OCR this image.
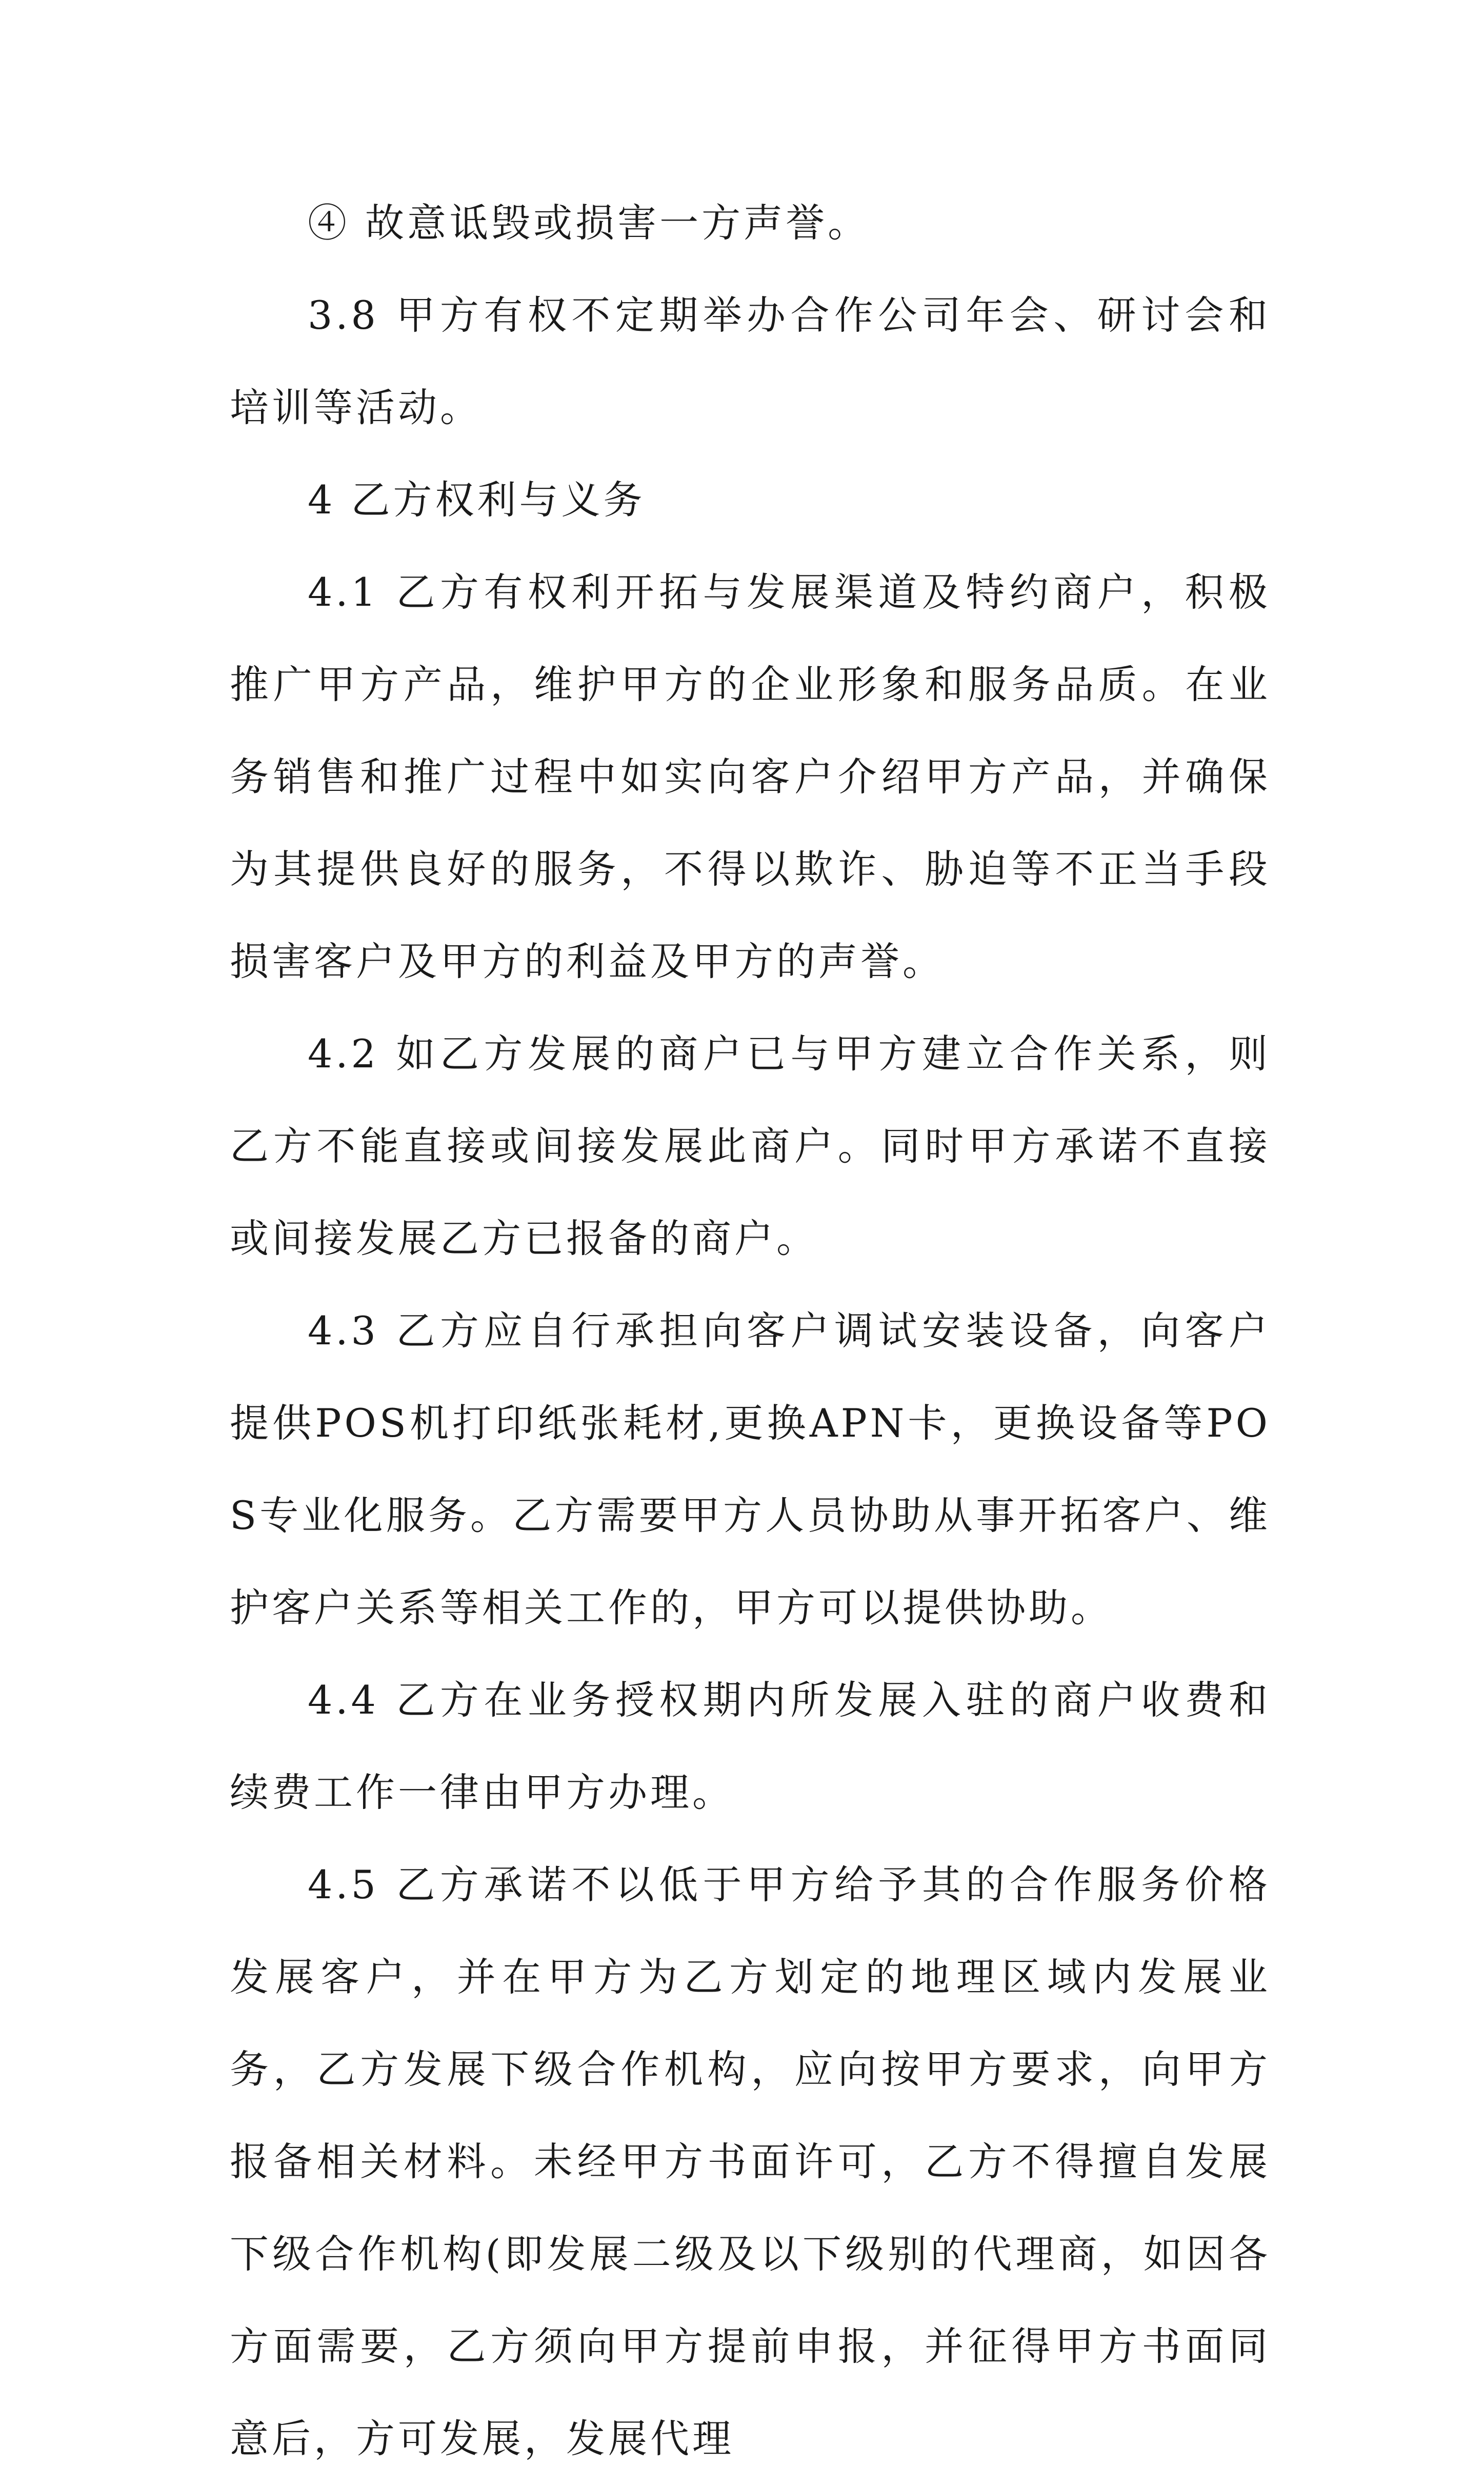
④ 故意诋毁或损害一方声誉。

3.8 甲方有权不定期举办合作公司年会、研讨会和培训等活动。

4 乙方权利与义务

4.1 乙方有权利开拓与发展渠道及特约商户，积极推广甲方产品，维护甲方的企业形象和服务品质。在业务销售和推广过程中如实向客户介绍甲方产品，并确保为其提供良好的服务，不得以欺诈、胁迫等不正当手段损害客户及甲方的利益及甲方的声誉。

4.2 如乙方发展的商户已与甲方建立合作关系，则乙方不能直接或间接发展此商户。同时甲方承诺不直接或间接发展乙方已报备的商户。

4.3 乙方应自行承担向客户调试安装设备，向客户提供POS机打印纸张耗材,更换APN卡，更换设备等POS专业化服务。乙方需要甲方人员协助从事开拓客户、维护客户关系等相关工作的，甲方可以提供协助。

4.4 乙方在业务授权期内所发展入驻的商户收费和续费工作一律由甲方办理。

4.5 乙方承诺不以低于甲方给予其的合作服务价格发展客户，并在甲方为乙方划定的地理区域内发展业务，乙方发展下级合作机构，应向按甲方要求，向甲方报备相关材料。未经甲方书面许可，乙方不得擅自发展下级合作机构(即发展二级及以下级别的代理商，如因各方面需要，乙方须向甲方提前申报，并征得甲方书面同意后，方可发展，发展代理
